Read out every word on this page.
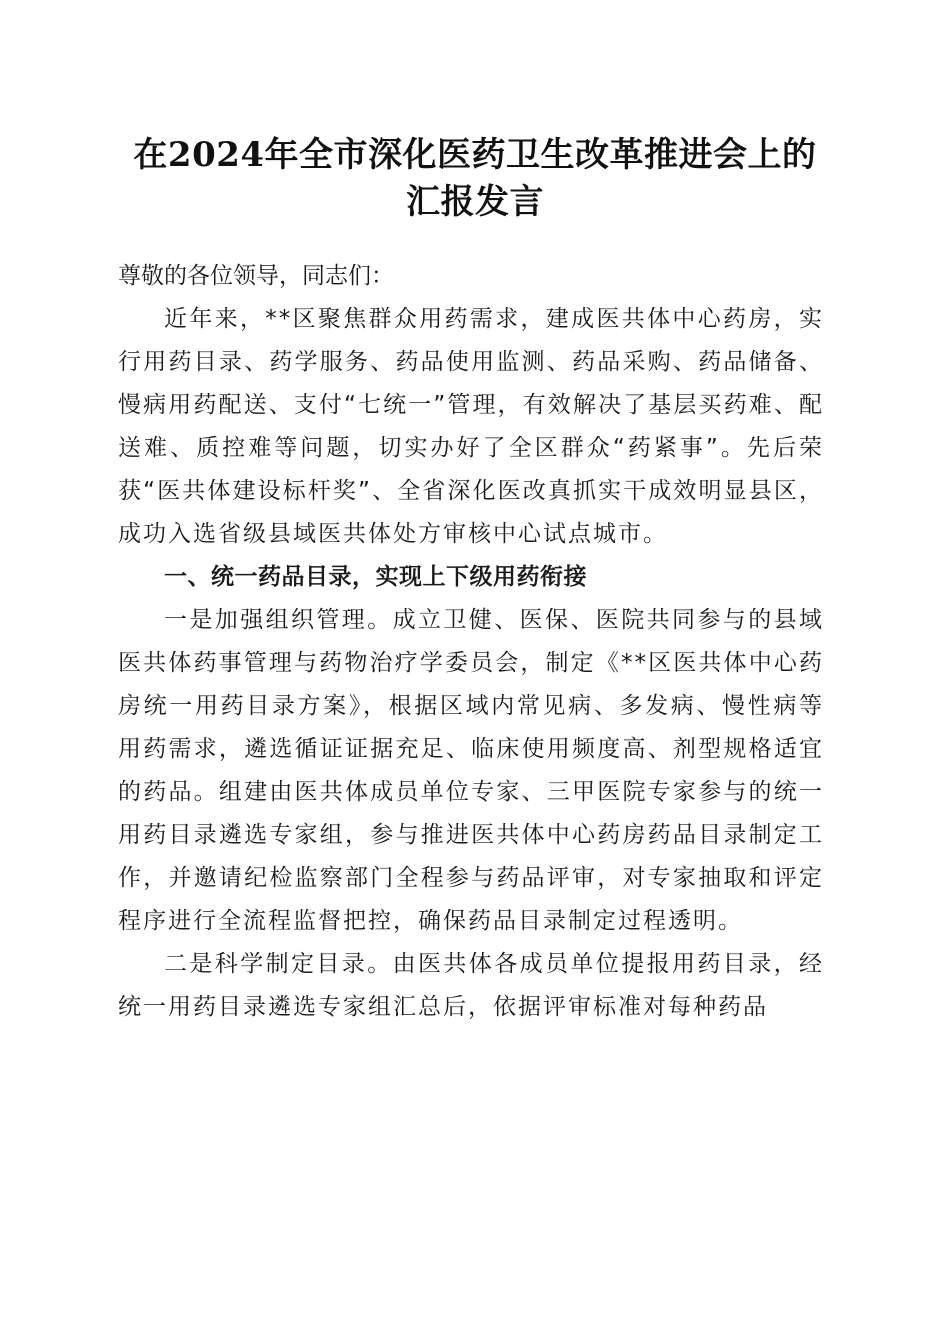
在2024年全市深化医药卫生改革推进会上的
汇报发言

尊敬的各位领导，同志们：

近年来，**区聚焦群众用药需求，建成医共体中心药房，实行用药目录、药学服务、药品使用监测、药品采购、药品储备、慢病用药配送、支付“七统一”管理，有效解决了基层买药难、配送难、质控难等问题，切实办好了全区群众“药紧事”。先后荣获“医共体建设标杆奖”、全省深化医改真抓实干成效明显县区，成功入选省级县域医共体处方审核中心试点城市。

一、统一药品目录，实现上下级用药衔接

一是加强组织管理。成立卫健、医保、医院共同参与的县域医共体药事管理与药物治疗学委员会，制定《**区医共体中心药房统一用药目录方案》，根据区域内常见病、多发病、慢性病等用药需求，遴选循证证据充足、临床使用频度高、剂型规格适宜的药品。组建由医共体成员单位专家、三甲医院专家参与的统一用药目录遴选专家组，参与推进医共体中心药房药品目录制定工作，并邀请纪检监察部门全程参与药品评审，对专家抽取和评定程序进行全流程监督把控，确保药品目录制定过程透明。

二是科学制定目录。由医共体各成员单位提报用药目录，经统一用药目录遴选专家组汇总后，依据评审标准对每种药品
